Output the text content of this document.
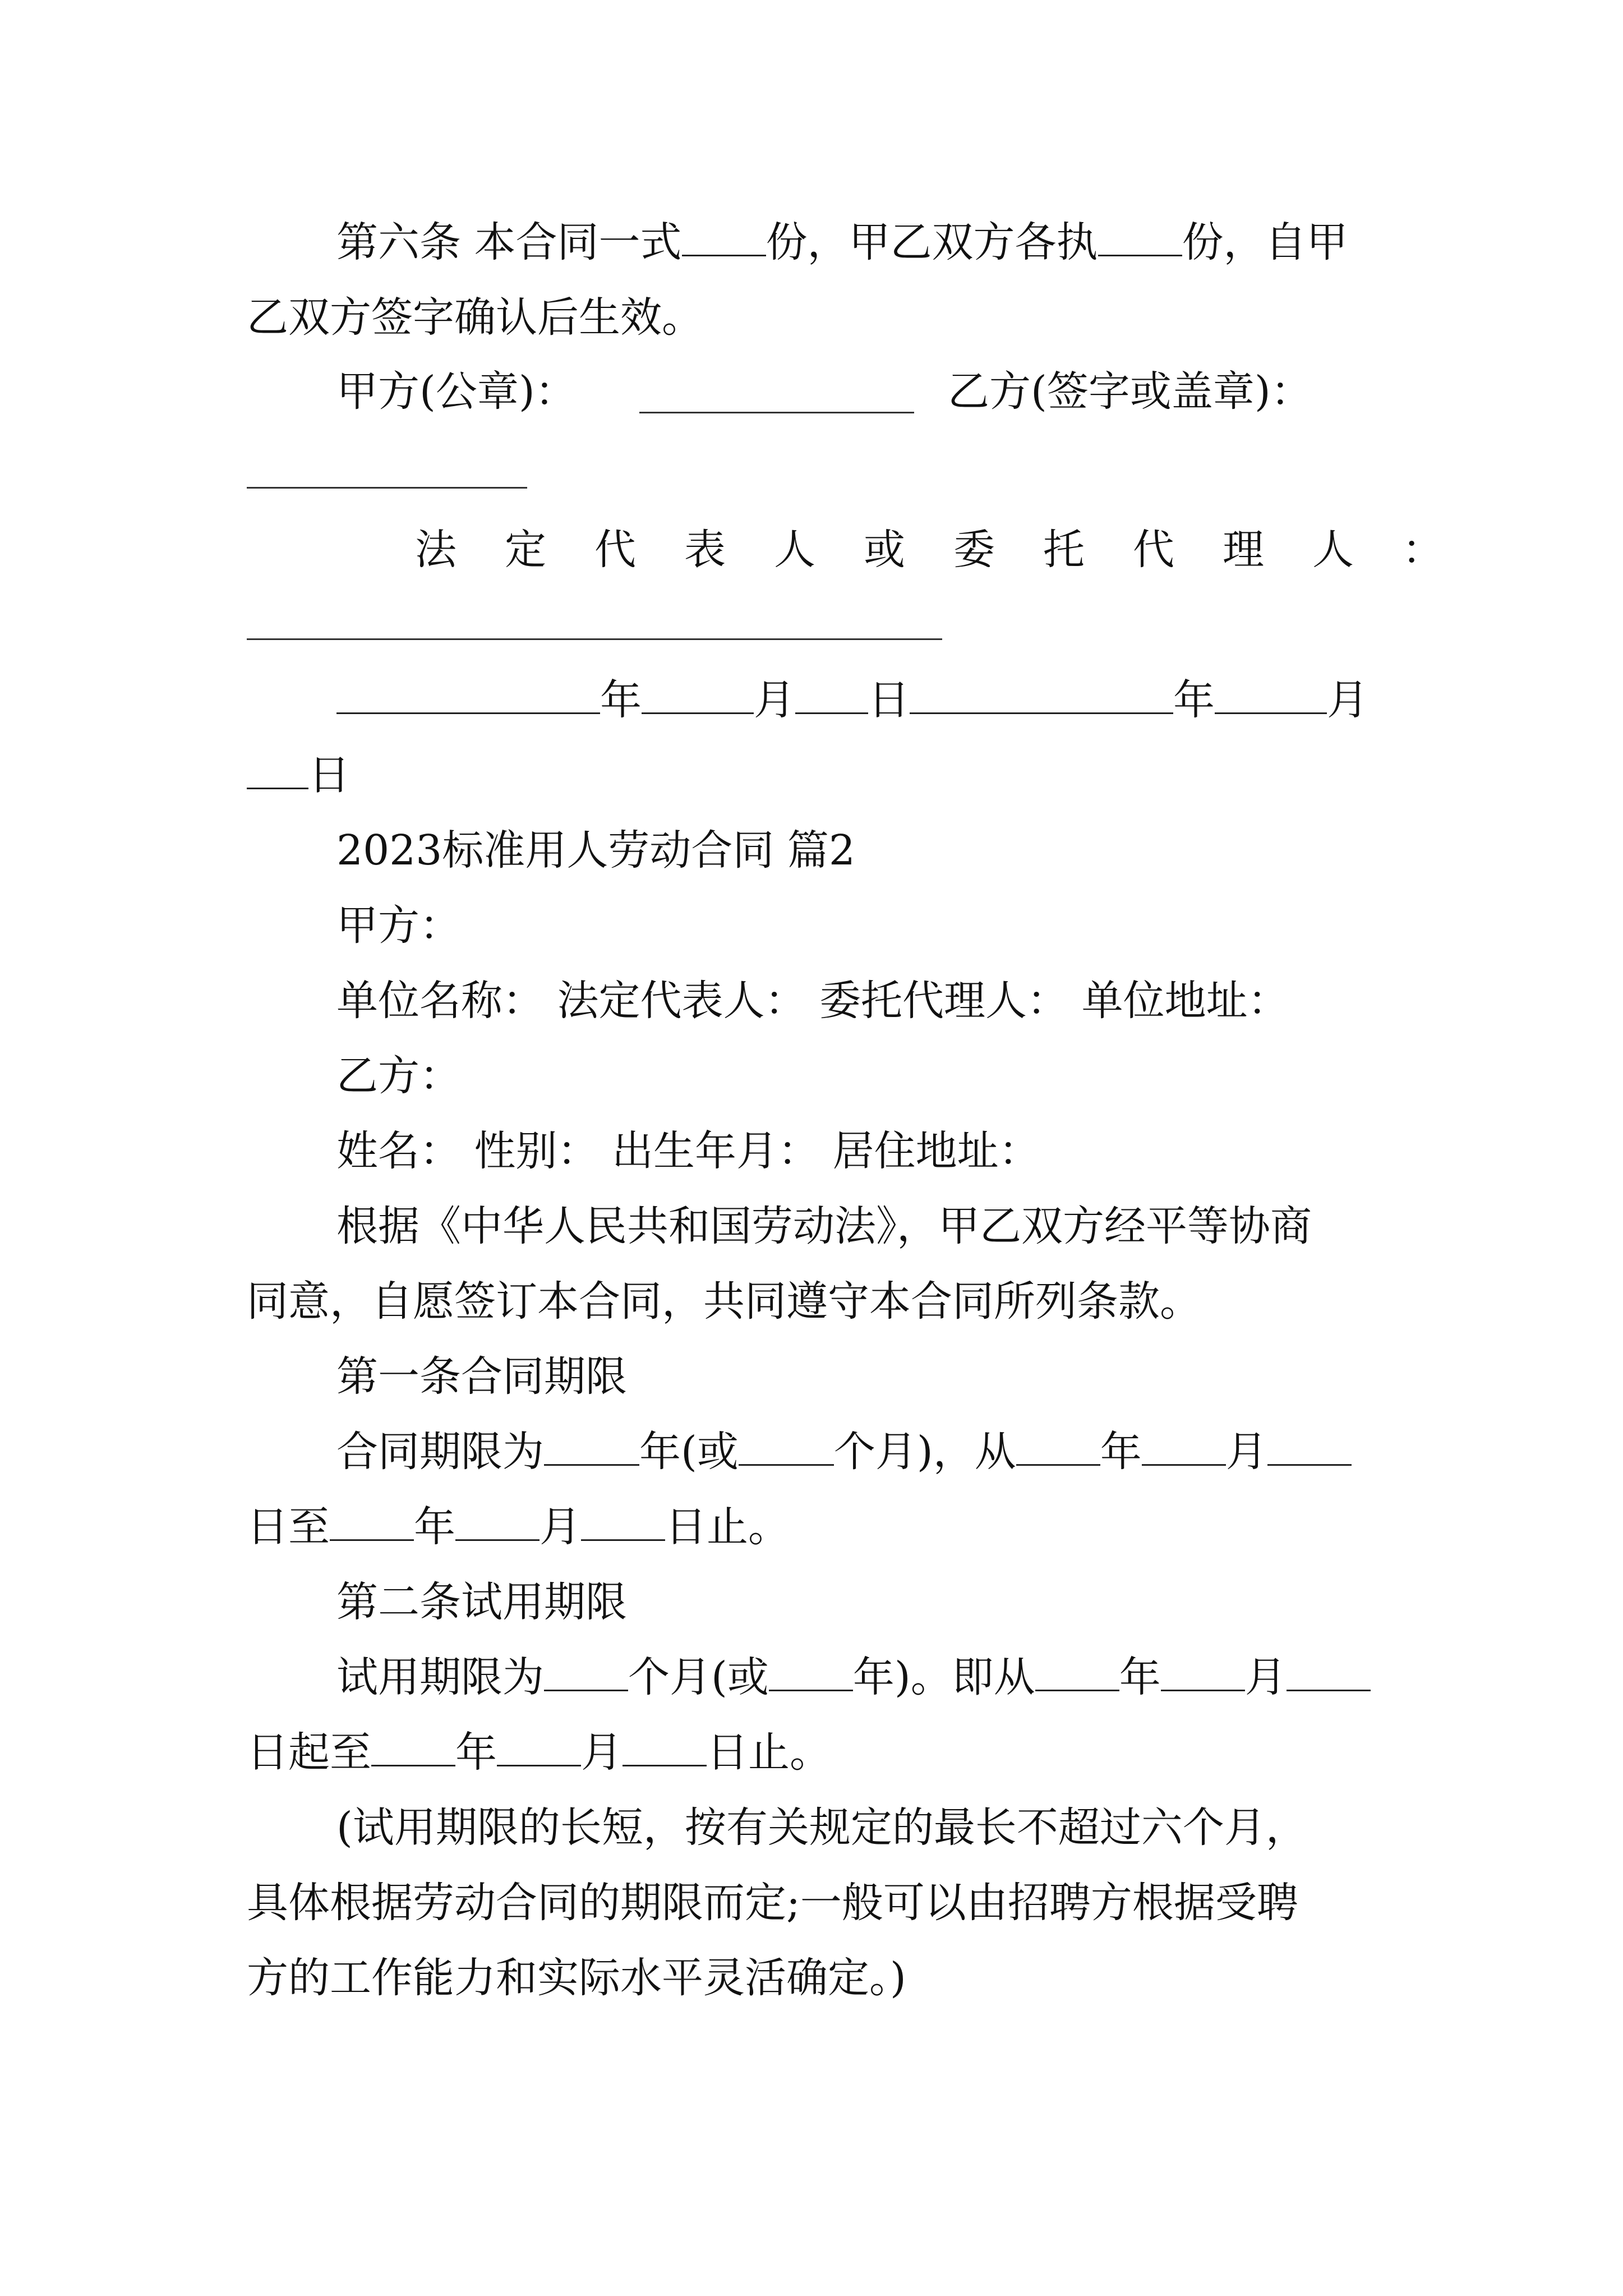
第六条 本合同一式 份，甲乙双方各执 份，自甲
乙双方签字确认后生效。
甲方(公章)：	乙方(签字或盖章)：
法定代表人或委托代理人：
年	月 日	年	月
日
2023标准用人劳动合同 篇2
甲方：
单位名称： 法定代表人： 委托代理人： 单位地址：
乙方：
姓名： 性别： 出生年月： 居住地址：
根据《中华人民共和国劳动法》，甲乙双方经平等协商
同意，自愿签订本合同，共同遵守本合同所列条款。
第一条合同期限
合同期限为 年(或 个月)，从 年 月
日至 年 月 日止。
第二条试用期限
试用期限为 个月(或 年)。即从 年 月
日起至 年 月 日止。
(试用期限的长短，按有关规定的最长不超过六个月，
具体根据劳动合同的期限而定;一般可以由招聘方根据受聘
方的工作能力和实际水平灵活确定。)
